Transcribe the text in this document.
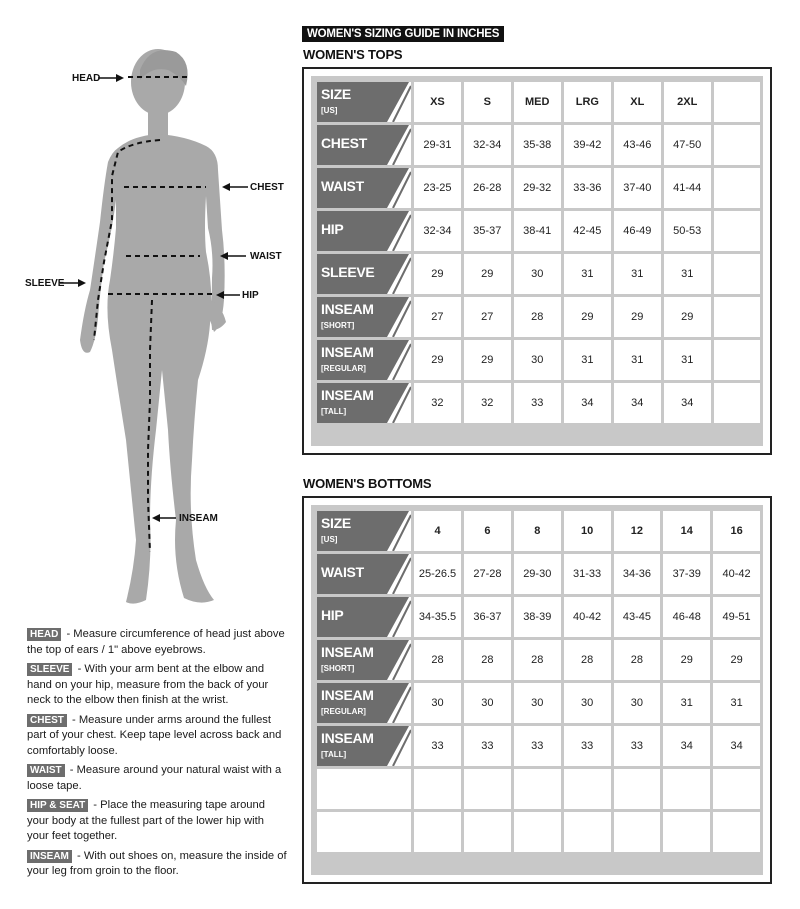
WOMEN'S SIZING GUIDE IN INCHES
WOMEN'S TOPS
SIZE
[US]	XS	S	MED	LRG	XL	2XL	

CHEST	29-31	32-34	35-38	39-42	43-46	47-50	

WAIST	23-25	26-28	29-32	33-36	37-40	41-44	

HIP	32-34	35-37	38-41	42-45	46-49	50-53	

SLEEVE	29	29	30	31	31	31	

INSEAM
[SHORT]	27	27	28	29	29	29	

INSEAM
[REGULAR]	29	29	30	31	31	31	

INSEAM
[TALL]	32	32	33	34	34	34	
WOMEN'S BOTTOMS
SIZE
[US]	4	6	8	10	12	14	16

WAIST	25-26.5	27-28	29-30	31-33	34-36	37-39	40-42

HIP	34-35.5	36-37	38-39	40-42	43-45	46-48	49-51

INSEAM
[SHORT]	28	28	28	28	28	29	29

INSEAM
[REGULAR]	30	30	30	30	30	31	31

INSEAM
[TALL]	33	33	33	33	33	34	34

HEAD
CHEST
WAIST
SLEEVE
HIP
INSEAM
HEAD - Measure circumference of head just above the top of ears / 1" above eyebrows.
SLEEVE - With your arm bent at the elbow and hand on your hip, measure from the back of your neck to the elbow then finish at the wrist.
CHEST - Measure under arms around the fullest part of your chest. Keep tape level across back and comfortably loose.
WAIST - Measure around your natural waist with a loose tape.
HIP & SEAT - Place the measuring tape around your body at the fullest part of the lower hip with your feet together.
INSEAM - With out shoes on, measure the inside of your leg from groin to the floor.
